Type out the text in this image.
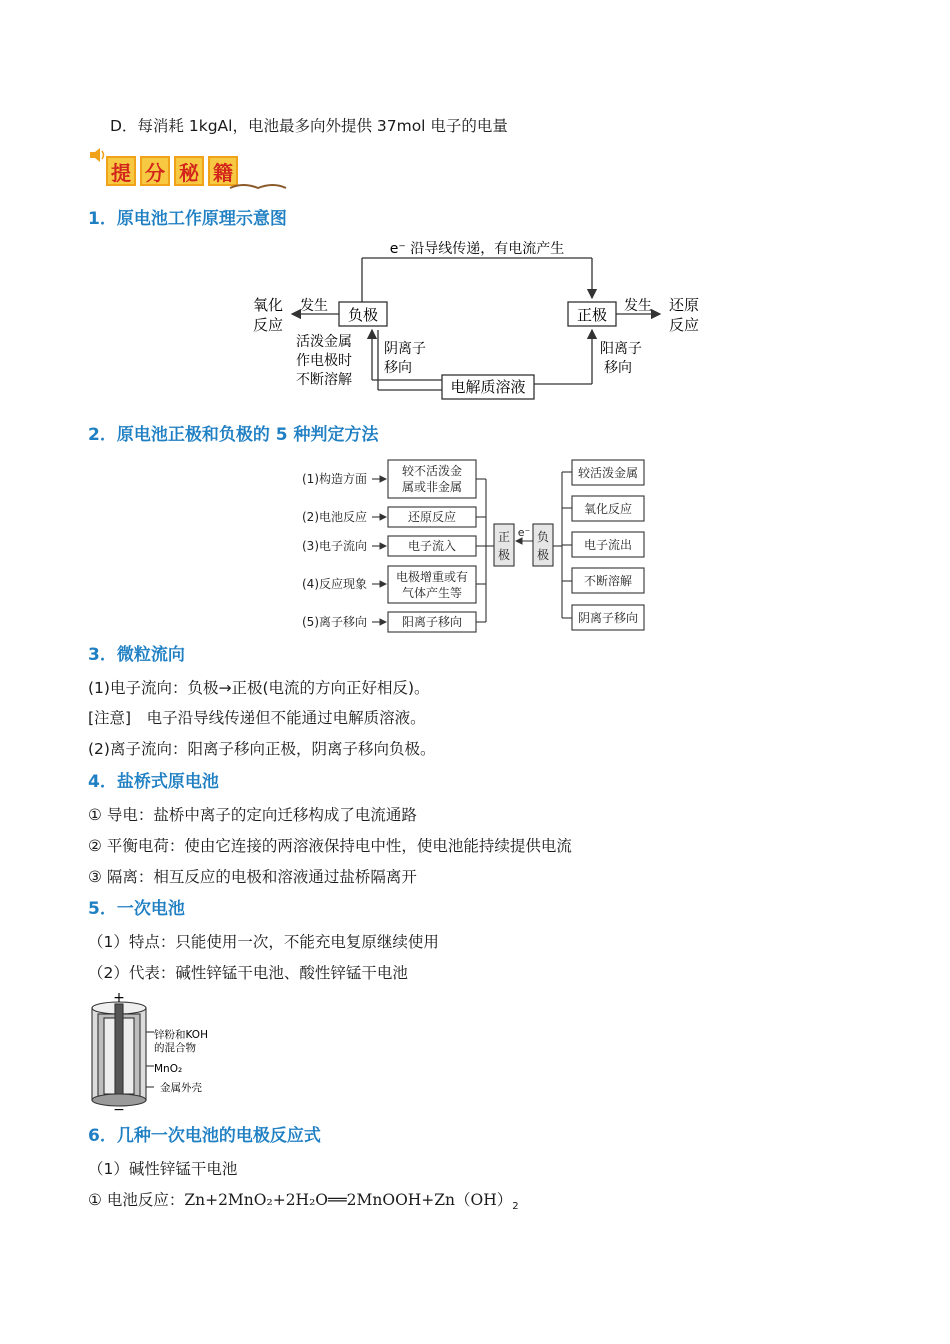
D．每消耗 1kgAl，电池最多向外提供 37mol 电子的电量
提 分 秘 籍
1．原电池工作原理示意图
e⁻ 沿导线传递，有电流产生
负极	正极
电解质溶液
发生
氧化
反应
发生 还原
反应
活泼金属
作电极时
不断溶解
阴离子
移向
阳离子
移向
2．原电池正极和负极的 5 种判定方法
(1)构造方面
(2)电池反应
(3)电子流向
(4)反应现象
(5)离子移向
较不活泼金
属或非金属
还原反应
电子流入
电极增重或有
气体产生等
阳离子移向
正
极
e⁻ 负
极
较活泼金属
氧化反应
电子流出
不断溶解
阴离子移向
3．微粒流向
(1)电子流向：负极→正极(电流的方向正好相反)。
[注意]　电子沿导线传递但不能通过电解质溶液。
(2)离子流向：阳离子移向正极，阴离子移向负极。
4．盐桥式原电池
① 导电：盐桥中离子的定向迁移构成了电流通路
② 平衡电荷：使由它连接的两溶液保持电中性，使电池能持续提供电流
③ 隔离：相互反应的电极和溶液通过盐桥隔离开
5．一次电池
（1）特点：只能使用一次，不能充电复原继续使用
（2）代表：碱性锌锰干电池、酸性锌锰干电池
+
−
锌粉和KOH
的混合物
MnO₂
金属外壳
6．几种一次电池的电极反应式
（1）碱性锌锰干电池
① 电池反应：$Zn+2MnO_2+2H_2O══2MnOOH+Zn(OH)_2$
